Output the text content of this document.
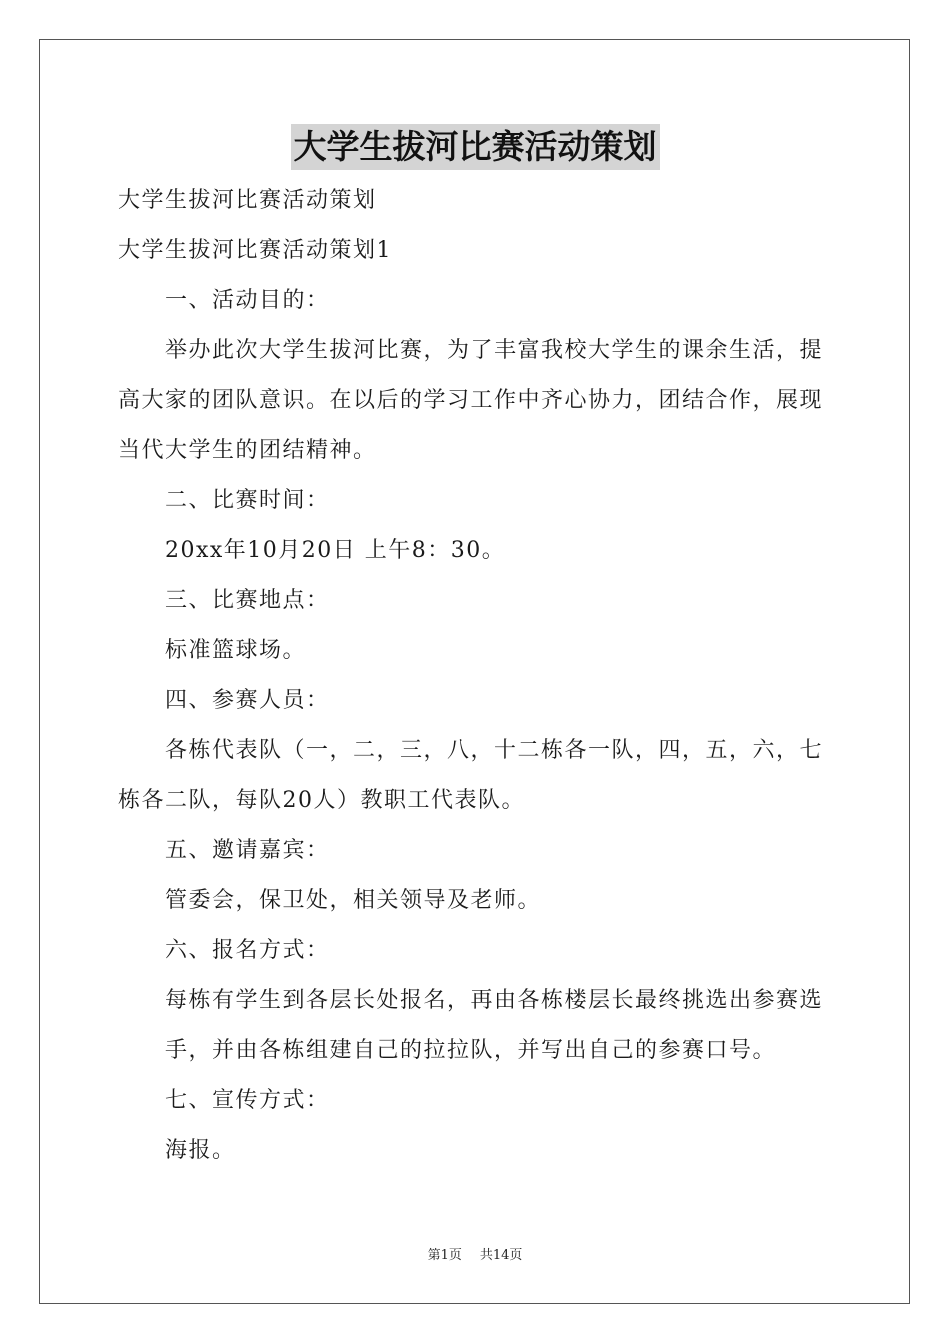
大学生拔河比赛活动策划

大学生拔河比赛活动策划

大学生拔河比赛活动策划1

一、活动目的：

举办此次大学生拔河比赛，为了丰富我校大学生的课余生活，提

高大家的团队意识。在以后的学习工作中齐心协力，团结合作，展现

当代大学生的团结精神。

二、比赛时间：

20xx年10月20日 上午8：30。

三、比赛地点：

标准篮球场。

四、参赛人员：

各栋代表队（一，二，三，八，十二栋各一队，四，五，六，七

栋各二队，每队20人）教职工代表队。

五、邀请嘉宾：

管委会，保卫处，相关领导及老师。

六、报名方式：

每栋有学生到各层长处报名，再由各栋楼层长最终挑选出参赛选

手，并由各栋组建自己的拉拉队，并写出自己的参赛口号。

七、宣传方式：

海报。

第1页 共14页
